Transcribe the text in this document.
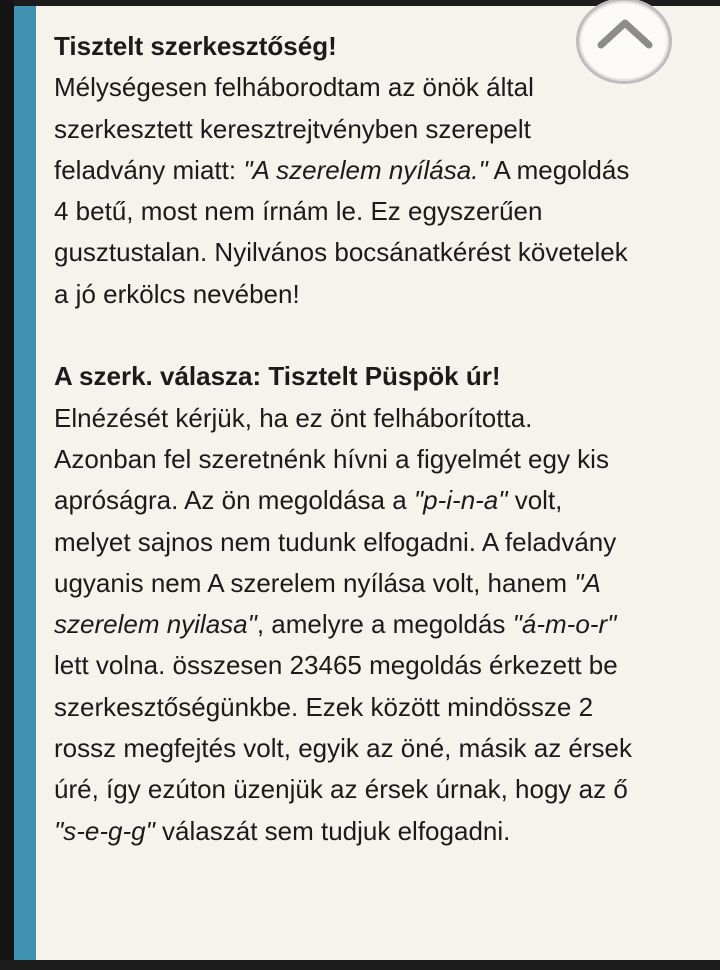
Tisztelt szerkesztőség!

Mélységesen felháborodtam az önök által

szerkesztett keresztrejtvényben szerepelt

feladvány miatt: "A szerelem nyílása." A megoldás

4 betű, most nem írnám le. Ez egyszerűen

gusztustalan. Nyilvános bocsánatkérést követelek

a jó erkölcs nevében!

A szerk. válasza: Tisztelt Püspök úr!

Elnézését kérjük, ha ez önt felháborította.

Azonban fel szeretnénk hívni a figyelmét egy kis

apróságra. Az ön megoldása a "p-i-n-a" volt,

melyet sajnos nem tudunk elfogadni. A feladvány

ugyanis nem A szerelem nyílása volt, hanem "A

szerelem nyilasa", amelyre a megoldás "á-m-o-r"

lett volna. összesen 23465 megoldás érkezett be

szerkesztőségünkbe. Ezek között mindössze 2

rossz megfejtés volt, egyik az öné, másik az érsek

úré, így ezúton üzenjük az érsek úrnak, hogy az ő

"s-e-g-g" válaszát sem tudjuk elfogadni.
